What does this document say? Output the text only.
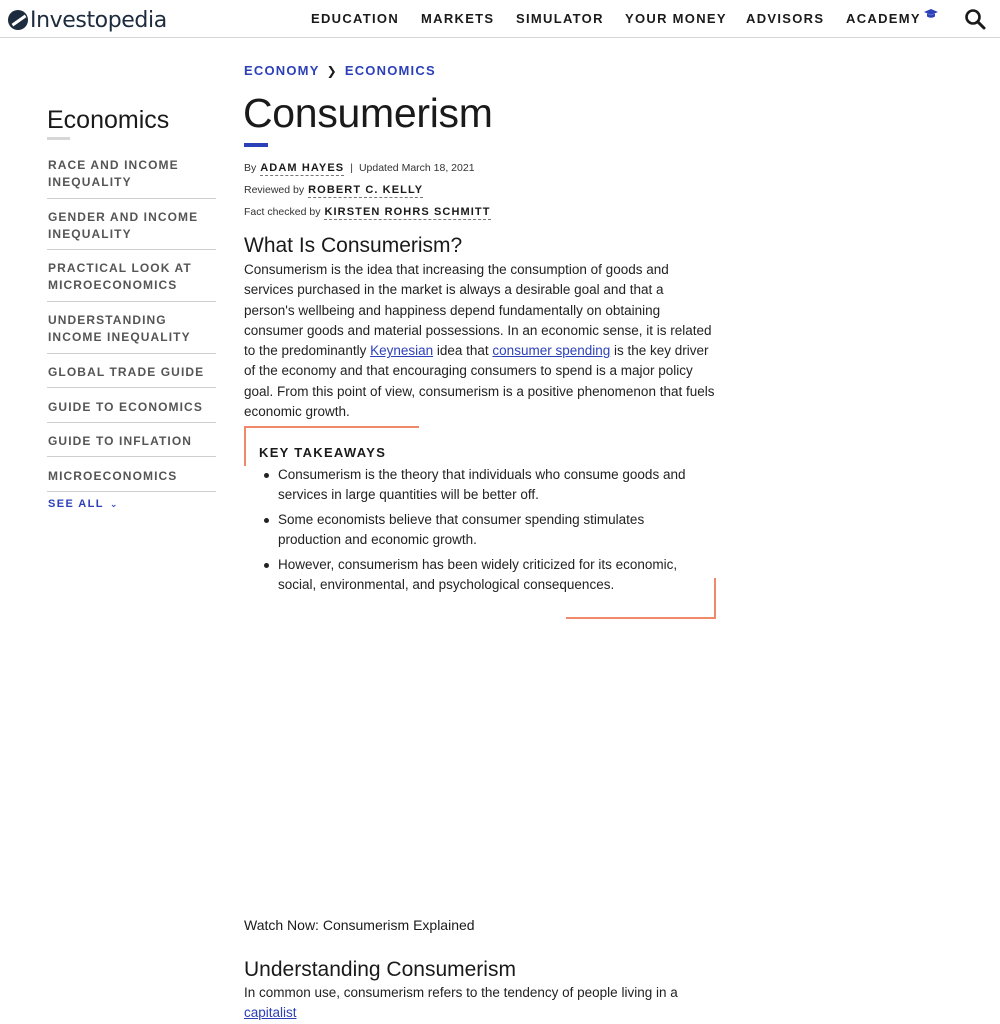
Investopedia	EDUCATION MARKETS SIMULATOR YOUR MONEY ADVISORS ACADEMY
Economics
RACE AND INCOME INEQUALITY
GENDER AND INCOME INEQUALITY
PRACTICAL LOOK AT MICROECONOMICS
UNDERSTANDING INCOME INEQUALITY
GLOBAL TRADE GUIDE
GUIDE TO ECONOMICS
GUIDE TO INFLATION
MICROECONOMICS
SEE ALL ⌄
ECONOMY ❯ ECONOMICS
Consumerism
By ADAM HAYES | Updated March 18, 2021
Reviewed by ROBERT C. KELLY
Fact checked by KIRSTEN ROHRS SCHMITT
What Is Consumerism?
Consumerism is the idea that increasing the consumption of goods and services purchased in the market is always a desirable goal and that a person's wellbeing and happiness depend fundamentally on obtaining consumer goods and material possessions. In an economic sense, it is related to the predominantly Keynesian idea that consumer spending is the key driver of the economy and that encouraging consumers to spend is a major policy goal. From this point of view, consumerism is a positive phenomenon that fuels economic growth.
KEY TAKEAWAYS
Consumerism is the theory that individuals who consume goods and services in large quantities will be better off.
Some economists believe that consumer spending stimulates production and economic growth.
However, consumerism has been widely criticized for its economic, social, environmental, and psychological consequences.
Watch Now: Consumerism Explained
Understanding Consumerism
In common use, consumerism refers to the tendency of people living in a capitalist
